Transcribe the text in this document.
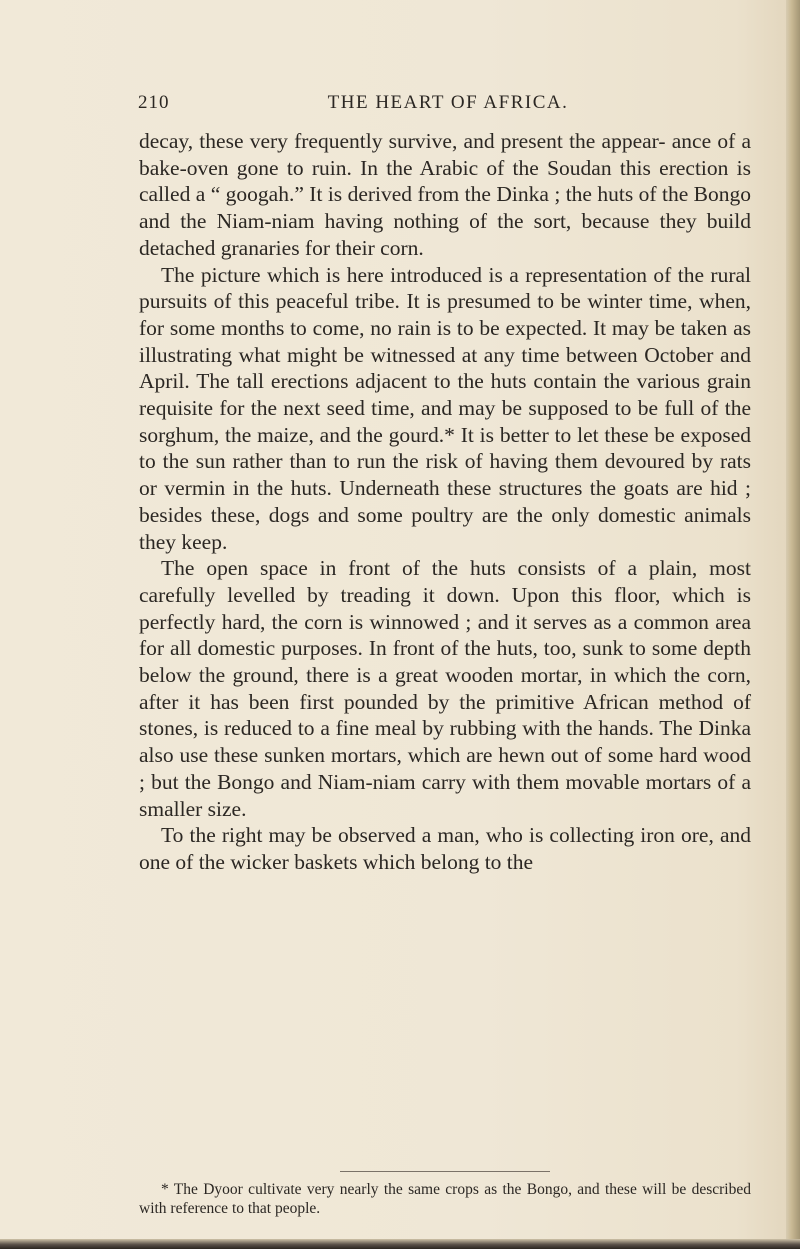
210	THE HEART OF AFRICA.

decay, these very frequently survive, and present the appear- ance of a bake-oven gone to ruin. In the Arabic of the Soudan this erection is called a “ googah.” It is derived from the Dinka ; the huts of the Bongo and the Niam-niam having nothing of the sort, because they build detached granaries for their corn.

The picture which is here introduced is a representation of the rural pursuits of this peaceful tribe. It is presumed to be winter time, when, for some months to come, no rain is to be expected. It may be taken as illustrating what might be witnessed at any time between October and April. The tall erections adjacent to the huts contain the various grain requisite for the next seed time, and may be supposed to be full of the sorghum, the maize, and the gourd.* It is better to let these be exposed to the sun rather than to run the risk of having them devoured by rats or vermin in the huts. Underneath these structures the goats are hid ; besides these, dogs and some poultry are the only domestic animals they keep.

The open space in front of the huts consists of a plain, most carefully levelled by treading it down. Upon this floor, which is perfectly hard, the corn is winnowed ; and it serves as a common area for all domestic purposes. In front of the huts, too, sunk to some depth below the ground, there is a great wooden mortar, in which the corn, after it has been first pounded by the primitive African method of stones, is reduced to a fine meal by rubbing with the hands. The Dinka also use these sunken mortars, which are hewn out of some hard wood ; but the Bongo and Niam-niam carry with them movable mortars of a smaller size.

To the right may be observed a man, who is collecting iron ore, and one of the wicker baskets which belong to the

* The Dyoor cultivate very nearly the same crops as the Bongo, and these will be described with reference to that people.
